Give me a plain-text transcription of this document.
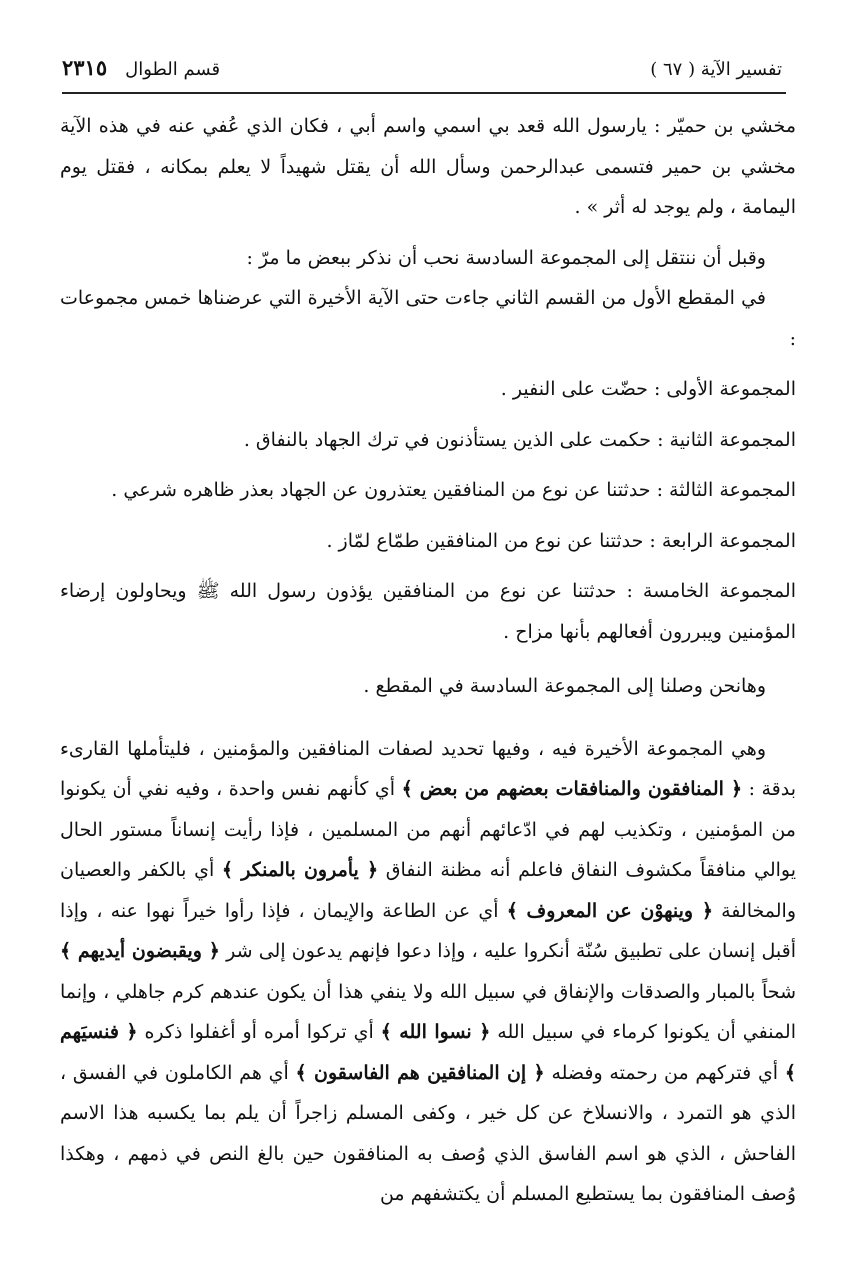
تفسير الآية ( ٦٧ )
قسم الطوال
٢٣١٥

مخشي بن حميّر : يارسول الله قعد بي اسمي واسم أبي ، فكان الذي عُفي عنه في هذه الآية مخشي بن حمير فتسمى عبدالرحمن وسأل الله أن يقتل شهيداً لا يعلم بمكانه ، فقتل يوم اليمامة ، ولم يوجد له أثر » .

وقبل أن ننتقل إلى المجموعة السادسة نحب أن نذكر ببعض ما مرّ :

في المقطع الأول من القسم الثاني جاءت حتى الآية الأخيرة التي عرضناها خمس مجموعات :

المجموعة الأولى : حضّت على النفير .

المجموعة الثانية : حكمت على الذين يستأذنون في ترك الجهاد بالنفاق .

المجموعة الثالثة : حدثتنا عن نوع من المنافقين يعتذرون عن الجهاد بعذر ظاهره شرعي .

المجموعة الرابعة : حدثتنا عن نوع من المنافقين طمّاع لمّاز .

المجموعة الخامسة : حدثتنا عن نوع من المنافقين يؤذون رسول الله ﷺ ويحاولون إرضاء المؤمنين ويبررون أفعالهم بأنها مزاح .

وهانحن وصلنا إلى المجموعة السادسة في المقطع .

وهي المجموعة الأخيرة فيه ، وفيها تحديد لصفات المنافقين والمؤمنين ، فليتأملها القارىء بدقة : ﴿ المنافقون والمنافقات بعضهم من بعض ﴾ أي كأنهم نفس واحدة ، وفيه نفي أن يكونوا من المؤمنين ، وتكذيب لهم في ادّعائهم أنهم من المسلمين ، فإذا رأيت إنساناً مستور الحال يوالي منافقاً مكشوف النفاق فاعلم أنه مظنة النفاق ﴿ يأمرون بالمنكر ﴾ أي بالكفر والعصيان والمخالفة ﴿ وينهوْن عن المعروف ﴾ أي عن الطاعة والإيمان ، فإذا رأوا خيراً نهوا عنه ، وإذا أقبل إنسان على تطبيق سُنّة أنكروا عليه ، وإذا دعوا فإنهم يدعون إلى شر ﴿ ويقبضون أيديهم ﴾ شحاً بالمبار والصدقات والإنفاق في سبيل الله ولا ينفي هذا أن يكون عندهم كرم جاهلي ، وإنما المنفي أن يكونوا كرماء في سبيل الله ﴿ نسوا الله ﴾ أي تركوا أمره أو أغفلوا ذكره ﴿ فنسيَهم ﴾ أي فتركهم من رحمته وفضله ﴿ إن المنافقين هم الفاسقون ﴾ أي هم الكاملون في الفسق ، الذي هو التمرد ، والانسلاخ عن كل خير ، وكفى المسلم زاجراً أن يلم بما يكسبه هذا الاسم الفاحش ، الذي هو اسم الفاسق الذي وُصف به المنافقون حين بالغ النص في ذمهم ، وهكذا وُصف المنافقون بما يستطيع المسلم أن يكتشفهم من
